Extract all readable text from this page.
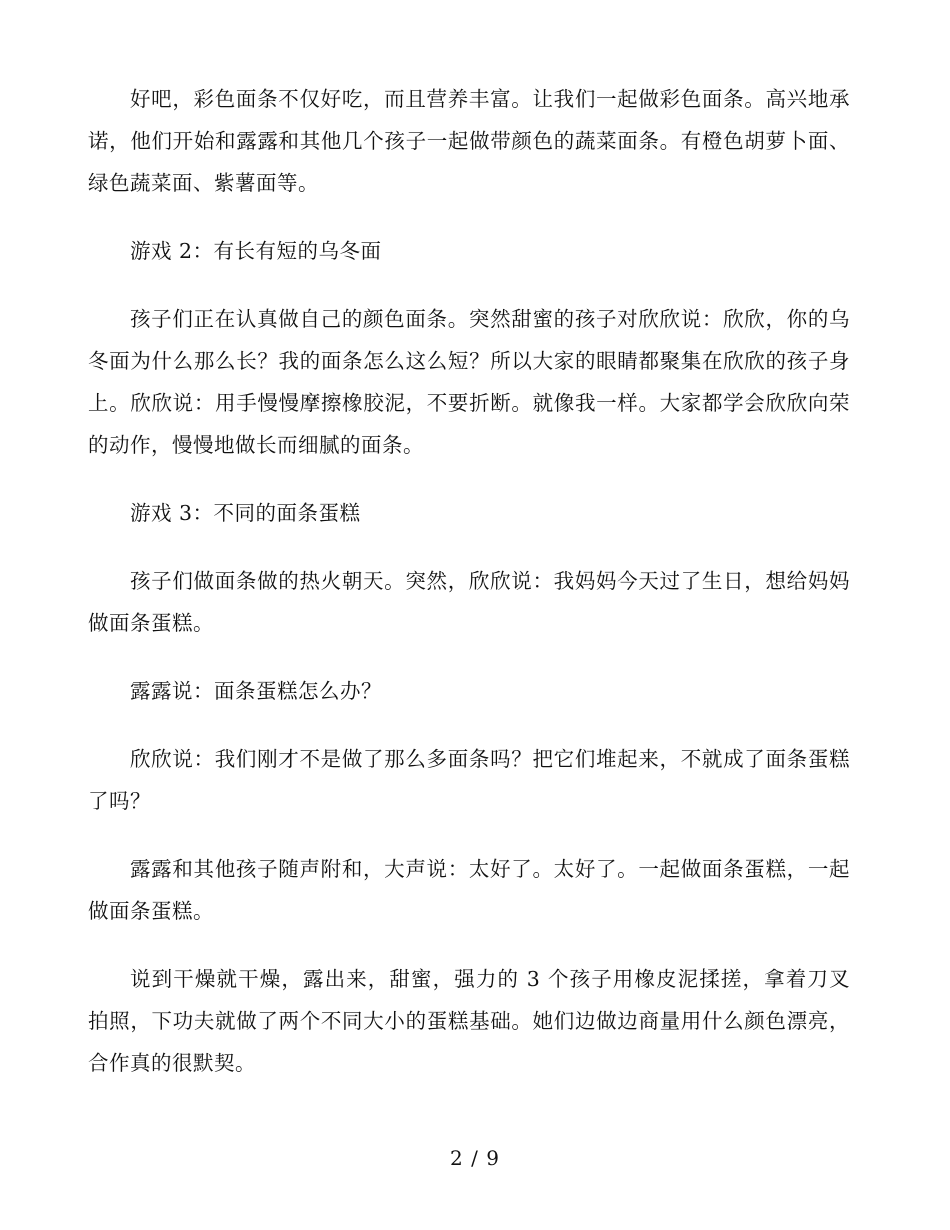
好吧，彩色面条不仅好吃，而且营养丰富。让我们一起做彩色面条。高兴地承诺，他们开始和露露和其他几个孩子一起做带颜色的蔬菜面条。有橙色胡萝卜面、绿色蔬菜面、紫薯面等。

游戏 2：有长有短的乌冬面

孩子们正在认真做自己的颜色面条。突然甜蜜的孩子对欣欣说：欣欣，你的乌冬面为什么那么长？我的面条怎么这么短？所以大家的眼睛都聚集在欣欣的孩子身上。欣欣说：用手慢慢摩擦橡胶泥，不要折断。就像我一样。大家都学会欣欣向荣的动作，慢慢地做长而细腻的面条。

游戏 3：不同的面条蛋糕

孩子们做面条做的热火朝天。突然，欣欣说：我妈妈今天过了生日，想给妈妈做面条蛋糕。

露露说：面条蛋糕怎么办？

欣欣说：我们刚才不是做了那么多面条吗？把它们堆起来，不就成了面条蛋糕了吗？

露露和其他孩子随声附和，大声说：太好了。太好了。一起做面条蛋糕，一起做面条蛋糕。

说到干燥就干燥，露出来，甜蜜，强力的 3 个孩子用橡皮泥揉搓，拿着刀叉拍照，下功夫就做了两个不同大小的蛋糕基础。她们边做边商量用什么颜色漂亮，合作真的很默契。

2 / 9
